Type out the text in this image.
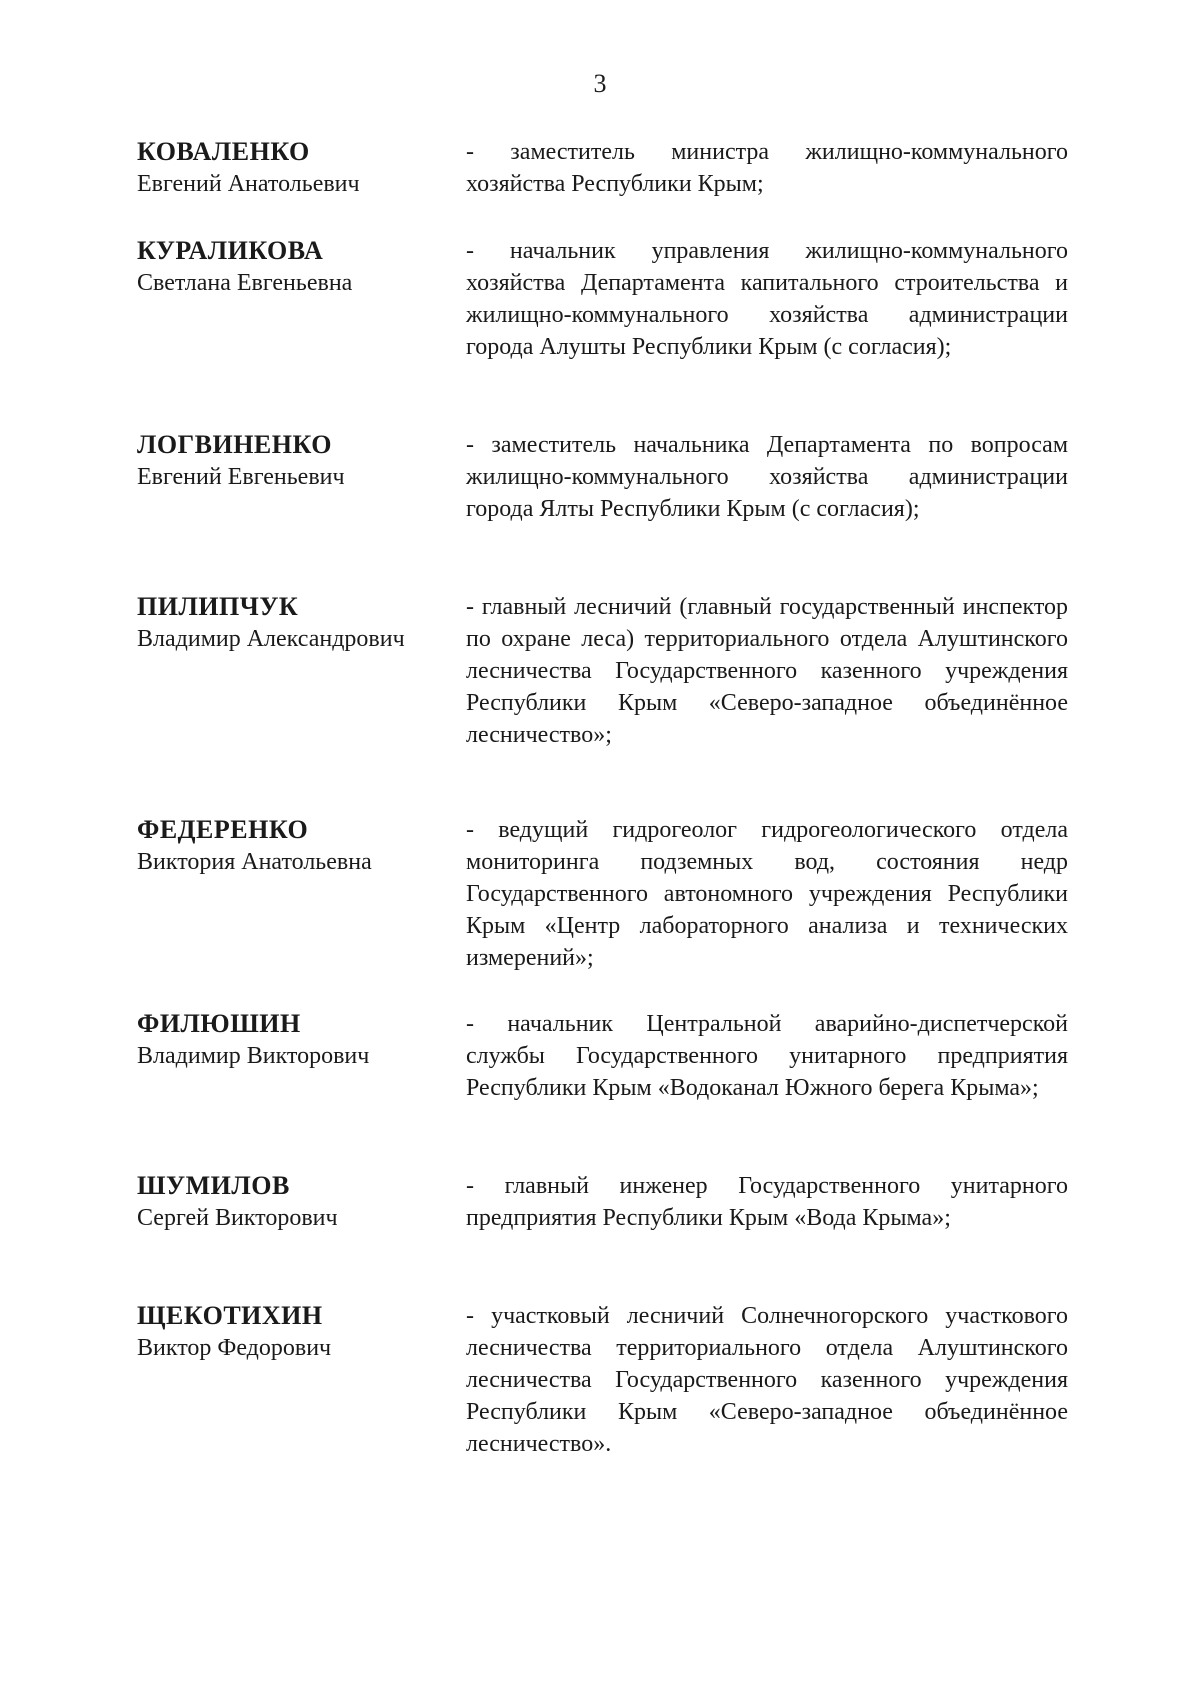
3
КОВАЛЕНКО
Евгений Анатольевич
- заместитель министра жилищно-коммунального хозяйства Республики Крым;
КУРАЛИКОВА
Светлана Евгеньевна
- начальник управления жилищно-коммунального хозяйства Департамента капитального строительства и жилищно-коммунального хозяйства администрации города Алушты Республики Крым (с согласия);
ЛОГВИНЕНКО
Евгений Евгеньевич
- заместитель начальника Департамента по вопросам жилищно-коммунального хозяйства администрации города Ялты Республики Крым (с согласия);
ПИЛИПЧУК
Владимир Александрович
- главный лесничий (главный государственный инспектор по охране леса) территориального отдела Алуштинского лесничества Государственного казенного учреждения Республики Крым «Северо-западное объединённое лесничество»;
ФЕДЕРЕНКО
Виктория Анатольевна
- ведущий гидрогеолог гидрогеологического отдела мониторинга подземных вод, состояния недр Государственного автономного учреждения Республики Крым «Центр лабораторного анализа и технических измерений»;
ФИЛЮШИН
Владимир Викторович
- начальник Центральной аварийно-диспетчерской службы Государственного унитарного предприятия Республики Крым «Водоканал Южного берега Крыма»;
ШУМИЛОВ
Сергей Викторович
- главный инженер Государственного унитарного предприятия Республики Крым «Вода Крыма»;
ЩЕКОТИХИН
Виктор Федорович
- участковый лесничий Солнечногорского участкового лесничества территориального отдела Алуштинского лесничества Государственного казенного учреждения Республики Крым «Северо-западное объединённое лесничество».
